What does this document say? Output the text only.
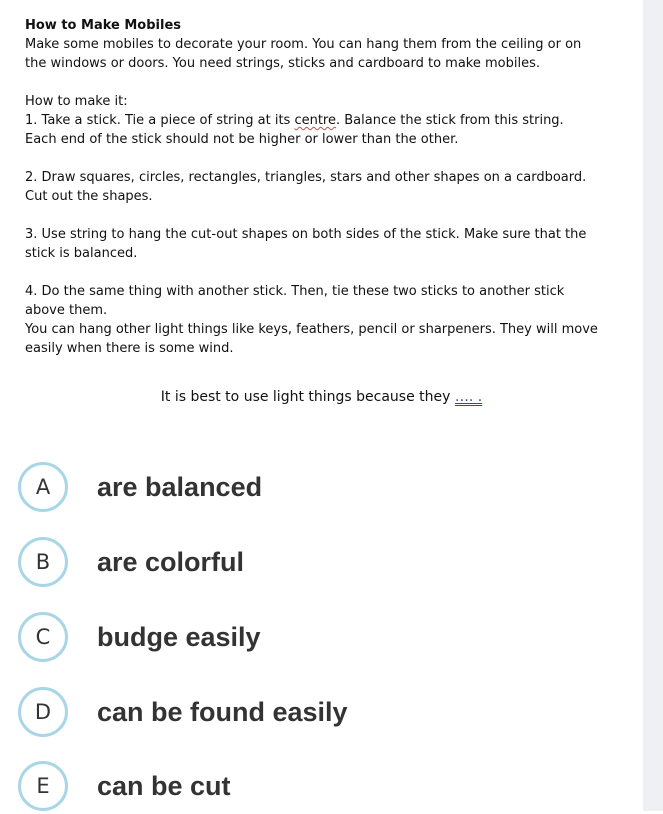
How to Make Mobiles

Make some mobiles to decorate your room. You can hang them from the ceiling or on

the windows or doors. You need strings, sticks and cardboard to make mobiles.

How to make it:

1. Take a stick. Tie a piece of string at its centre. Balance the stick from this string.

Each end of the stick should not be higher or lower than the other.

2. Draw squares, circles, rectangles, triangles, stars and other shapes on a cardboard.

Cut out the shapes.

3. Use string to hang the cut-out shapes on both sides of the stick. Make sure that the

stick is balanced.

4. Do the same thing with another stick. Then, tie these two sticks to another stick

above them.

You can hang other light things like keys, feathers, pencil or sharpeners. They will move

easily when there is some wind.

It is best to use light things because they …. .
A	are balanced
B	are colorful
C	budge easily
D	can be found easily
E	can be cut
